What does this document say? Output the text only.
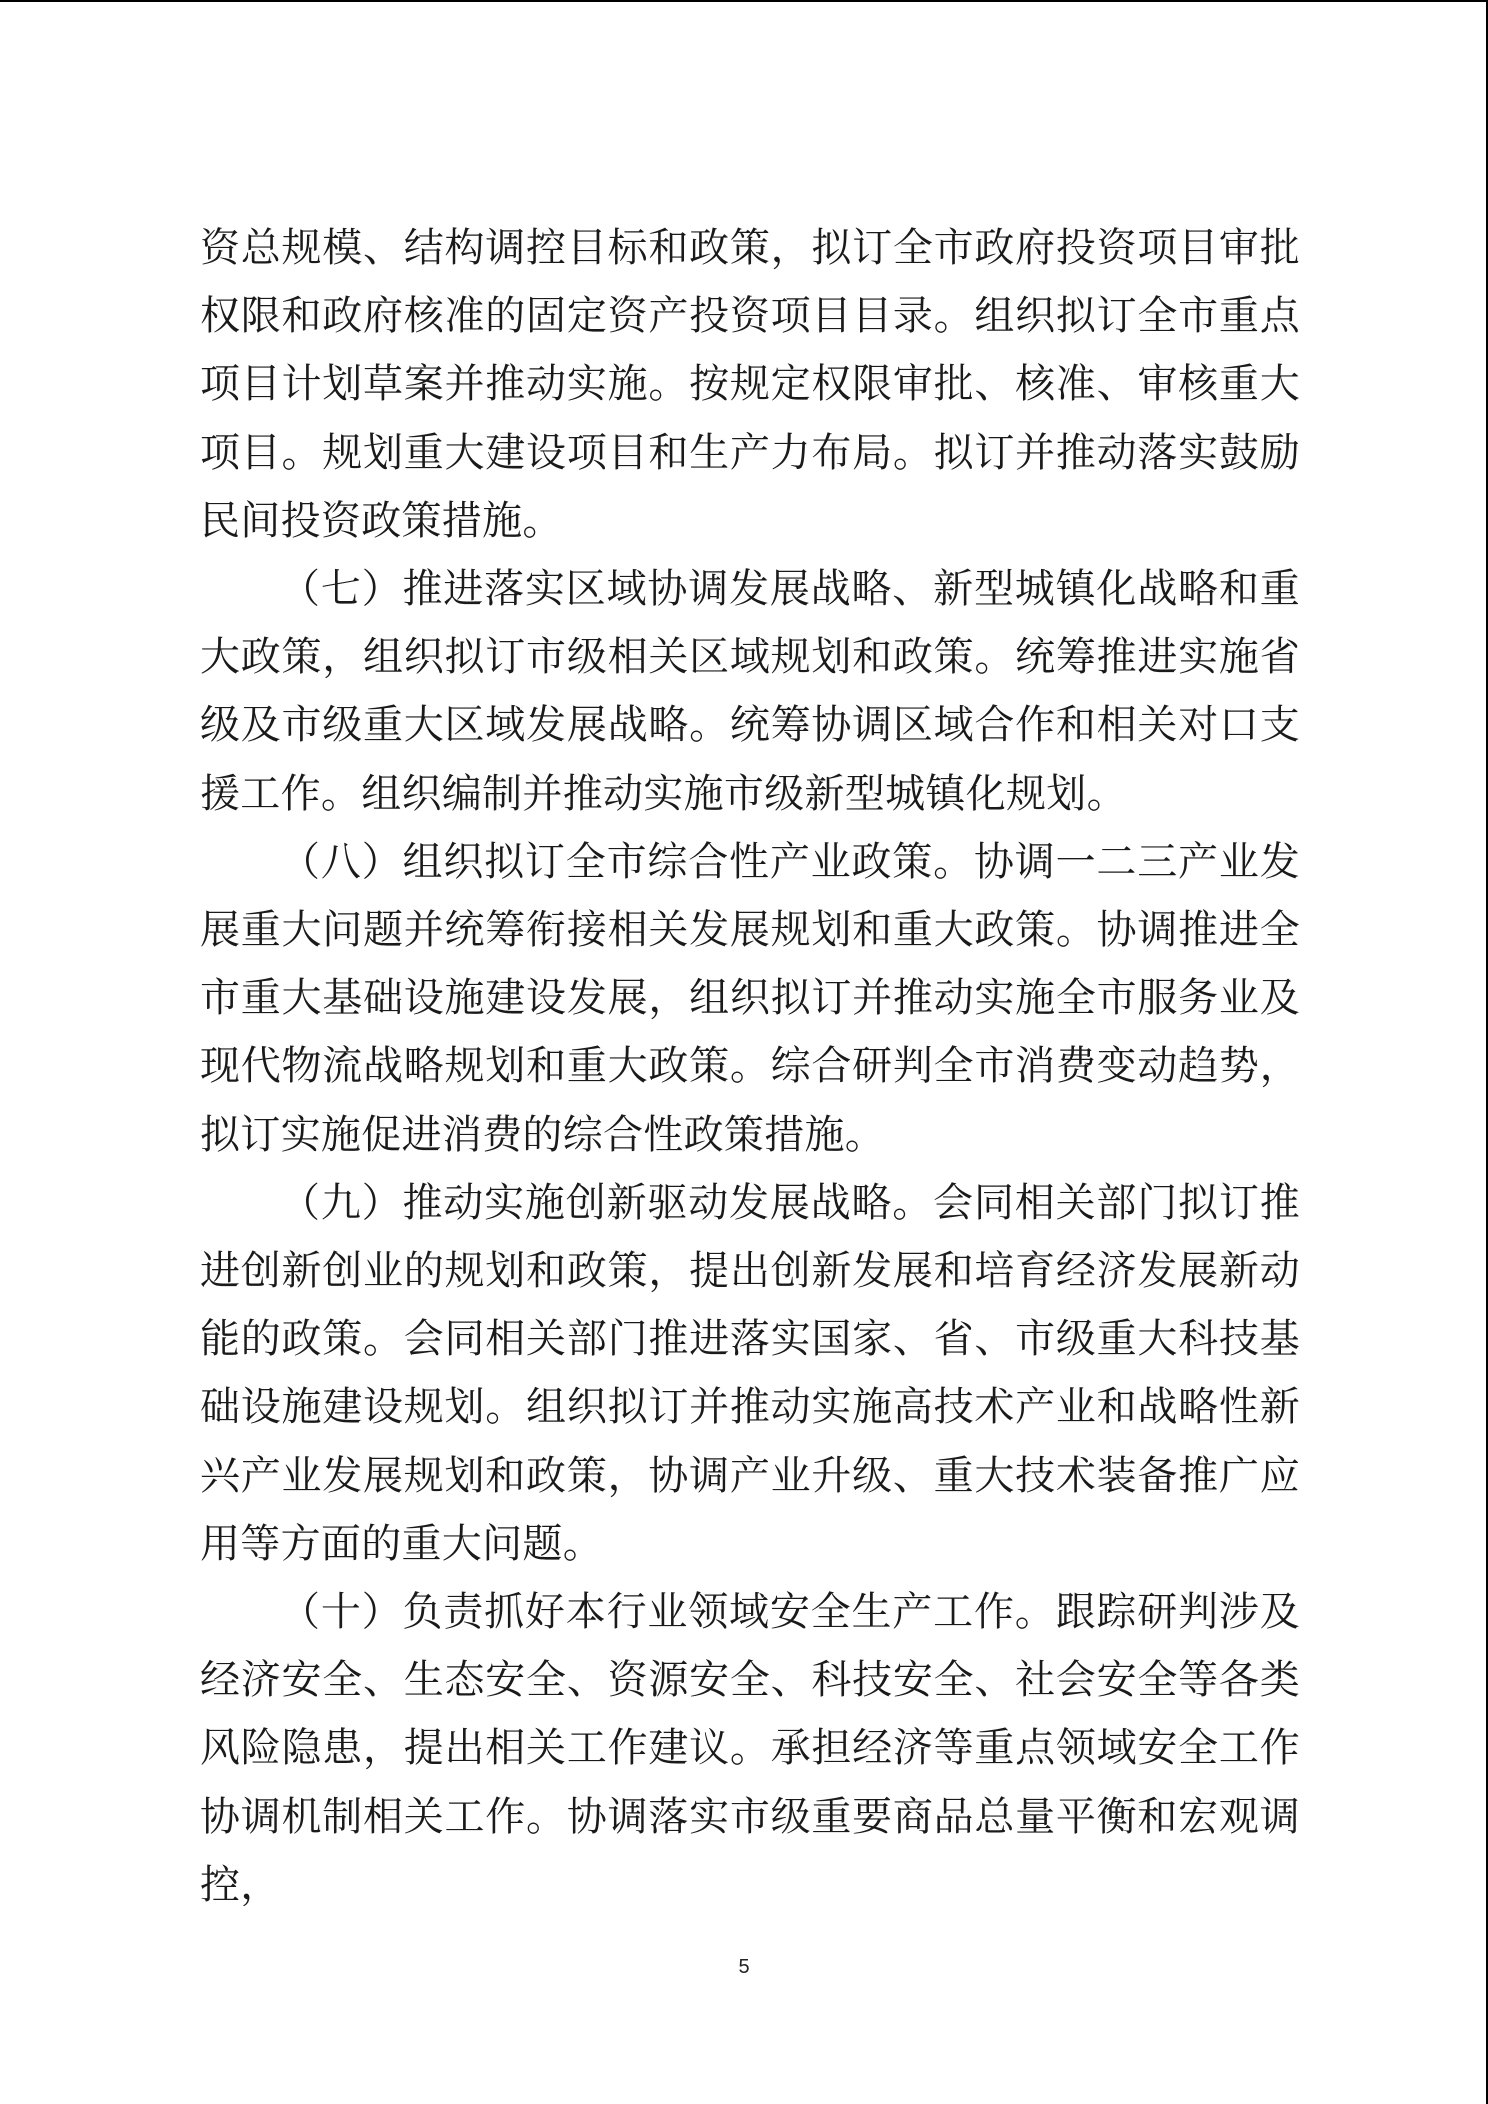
资总规模、结构调控目标和政策，拟订全市政府投资项目审批权限和政府核准的固定资产投资项目目录。组织拟订全市重点项目计划草案并推动实施。按规定权限审批、核准、审核重大项目。规划重大建设项目和生产力布局。拟订并推动落实鼓励民间投资政策措施。

（七）推进落实区域协调发展战略、新型城镇化战略和重大政策，组织拟订市级相关区域规划和政策。统筹推进实施省级及市级重大区域发展战略。统筹协调区域合作和相关对口支援工作。组织编制并推动实施市级新型城镇化规划。

（八）组织拟订全市综合性产业政策。协调一二三产业发展重大问题并统筹衔接相关发展规划和重大政策。协调推进全市重大基础设施建设发展，组织拟订并推动实施全市服务业及现代物流战略规划和重大政策。综合研判全市消费变动趋势，拟订实施促进消费的综合性政策措施。

（九）推动实施创新驱动发展战略。会同相关部门拟订推进创新创业的规划和政策，提出创新发展和培育经济发展新动能的政策。会同相关部门推进落实国家、省、市级重大科技基础设施建设规划。组织拟订并推动实施高技术产业和战略性新兴产业发展规划和政策，协调产业升级、重大技术装备推广应用等方面的重大问题。

（十）负责抓好本行业领域安全生产工作。跟踪研判涉及经济安全、生态安全、资源安全、科技安全、社会安全等各类风险隐患，提出相关工作建议。承担经济等重点领域安全工作协调机制相关工作。协调落实市级重要商品总量平衡和宏观调控，

5
